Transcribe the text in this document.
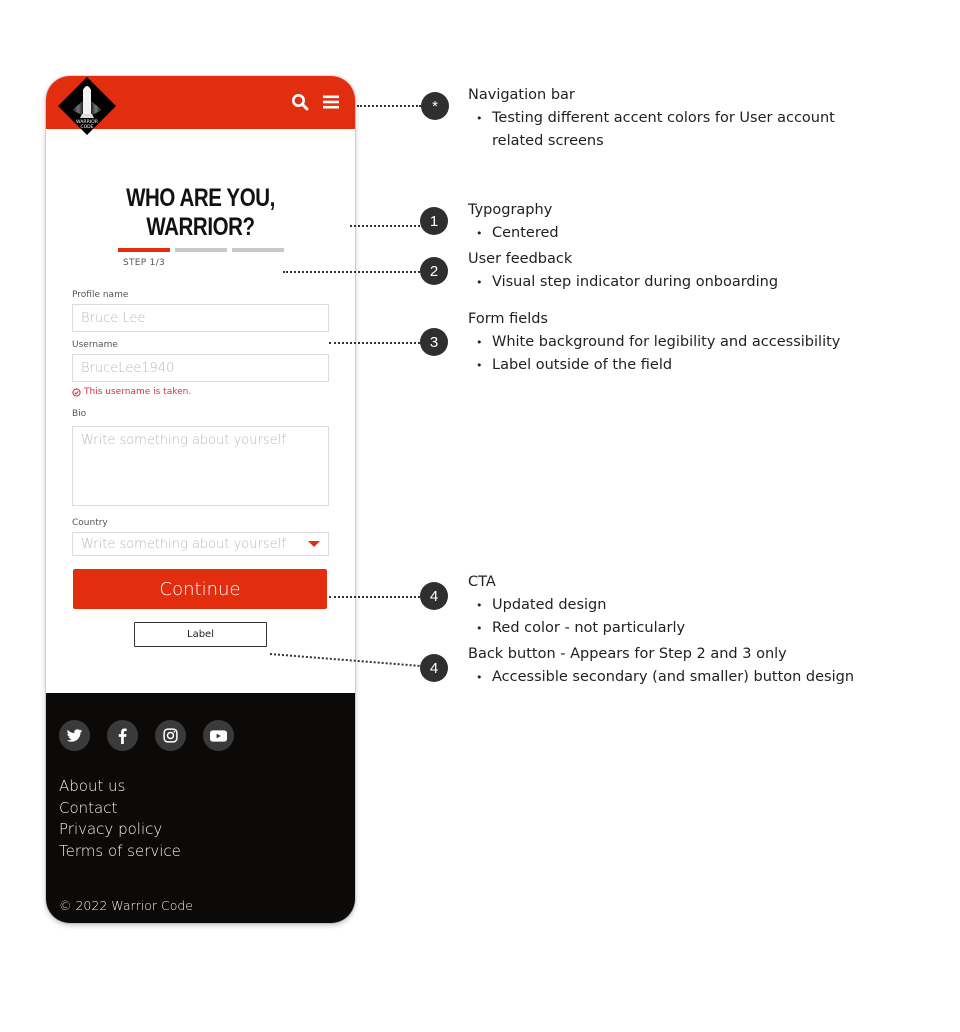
WARRIOR
CODE
WHO ARE YOU, WARRIOR?
STEP 1/3
Profile name
Bruce Lee
Username
BruceLee1940
This username is taken.
Bio
Write something about yourself
Country
Write something about yourself
Continue
Label
About us
Contact
Privacy policy
Terms of service
© 2022 Warrior Code
*
1
2
3
4
4
Navigation bar
• Testing different accent colors for User account related screens
Typography
• Centered
User feedback
• Visual step indicator during onboarding
Form fields
• White background for legibility and accessibility
• Label outside of the field
CTA
• Updated design
• Red color - not particularly
Back button - Appears for Step 2 and 3 only
• Accessible secondary (and smaller) button design
